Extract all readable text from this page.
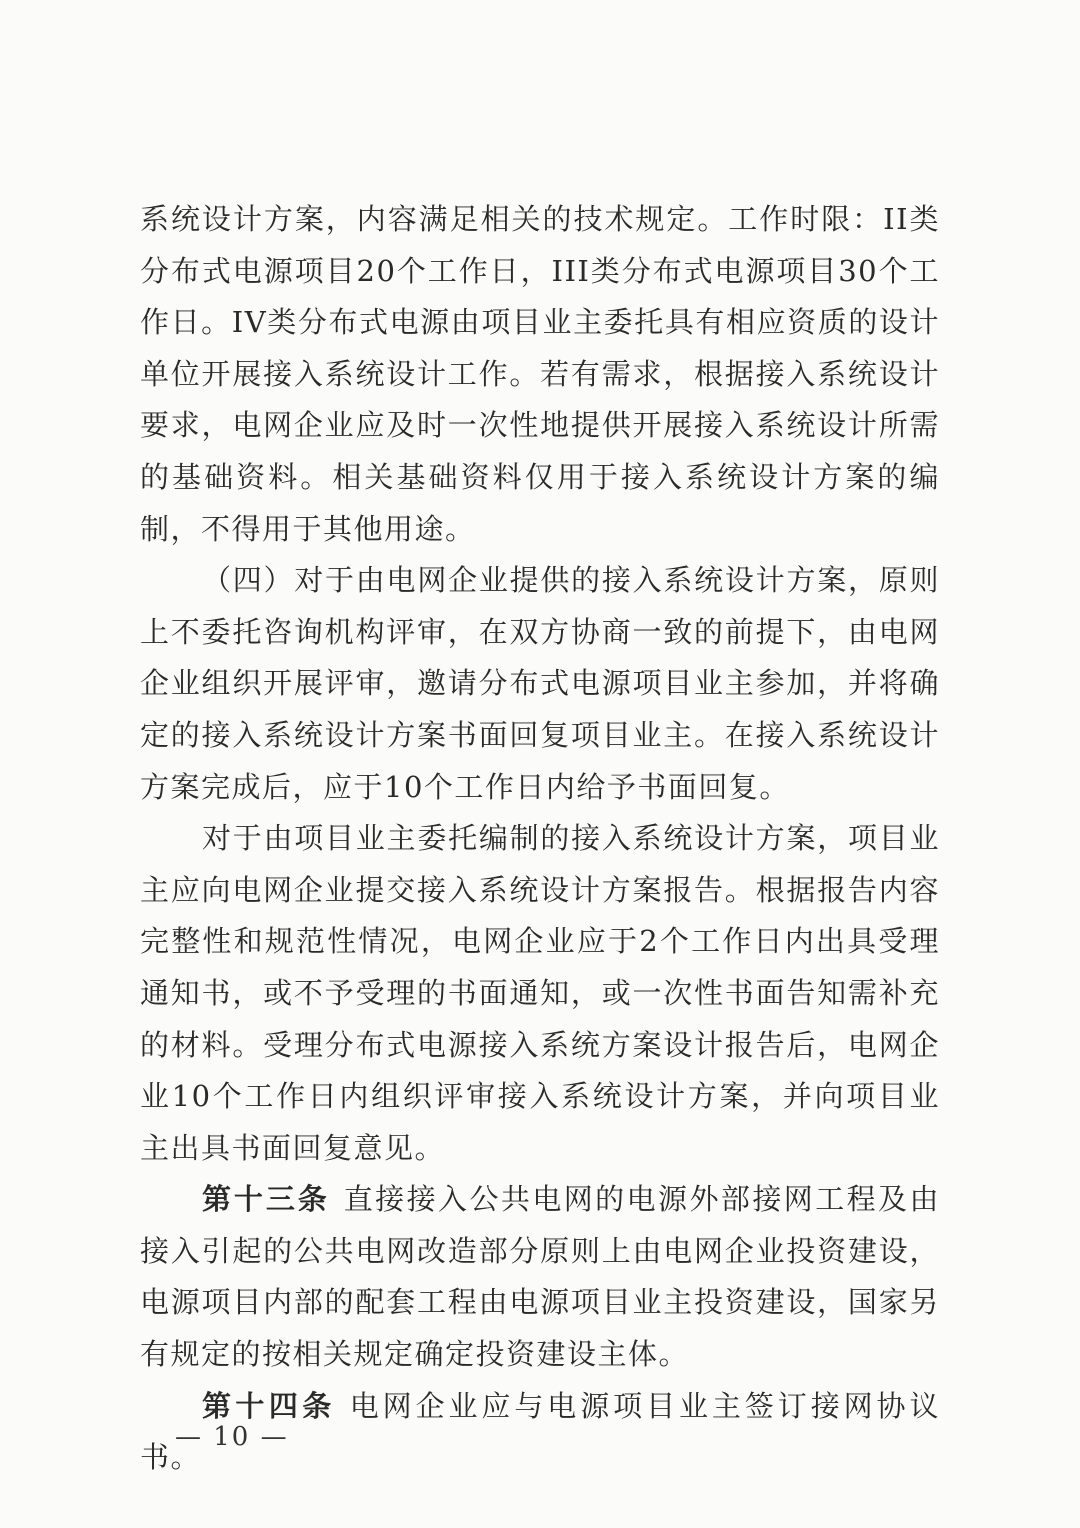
系统设计方案，内容满足相关的技术规定。工作时限：II类分布式电源项目20个工作日，III类分布式电源项目30个工作日。IV类分布式电源由项目业主委托具有相应资质的设计单位开展接入系统设计工作。若有需求，根据接入系统设计要求，电网企业应及时一次性地提供开展接入系统设计所需的基础资料。相关基础资料仅用于接入系统设计方案的编制，不得用于其他用途。

（四）对于由电网企业提供的接入系统设计方案，原则上不委托咨询机构评审，在双方协商一致的前提下，由电网企业组织开展评审，邀请分布式电源项目业主参加，并将确定的接入系统设计方案书面回复项目业主。在接入系统设计方案完成后，应于10个工作日内给予书面回复。

对于由项目业主委托编制的接入系统设计方案，项目业主应向电网企业提交接入系统设计方案报告。根据报告内容完整性和规范性情况，电网企业应于2个工作日内出具受理通知书，或不予受理的书面通知，或一次性书面告知需补充的材料。受理分布式电源接入系统方案设计报告后，电网企业10个工作日内组织评审接入系统设计方案，并向项目业主出具书面回复意见。

第十三条 直接接入公共电网的电源外部接网工程及由接入引起的公共电网改造部分原则上由电网企业投资建设，电源项目内部的配套工程由电源项目业主投资建设，国家另有规定的按相关规定确定投资建设主体。

第十四条 电网企业应与电源项目业主签订接网协议书。

— 10 —
